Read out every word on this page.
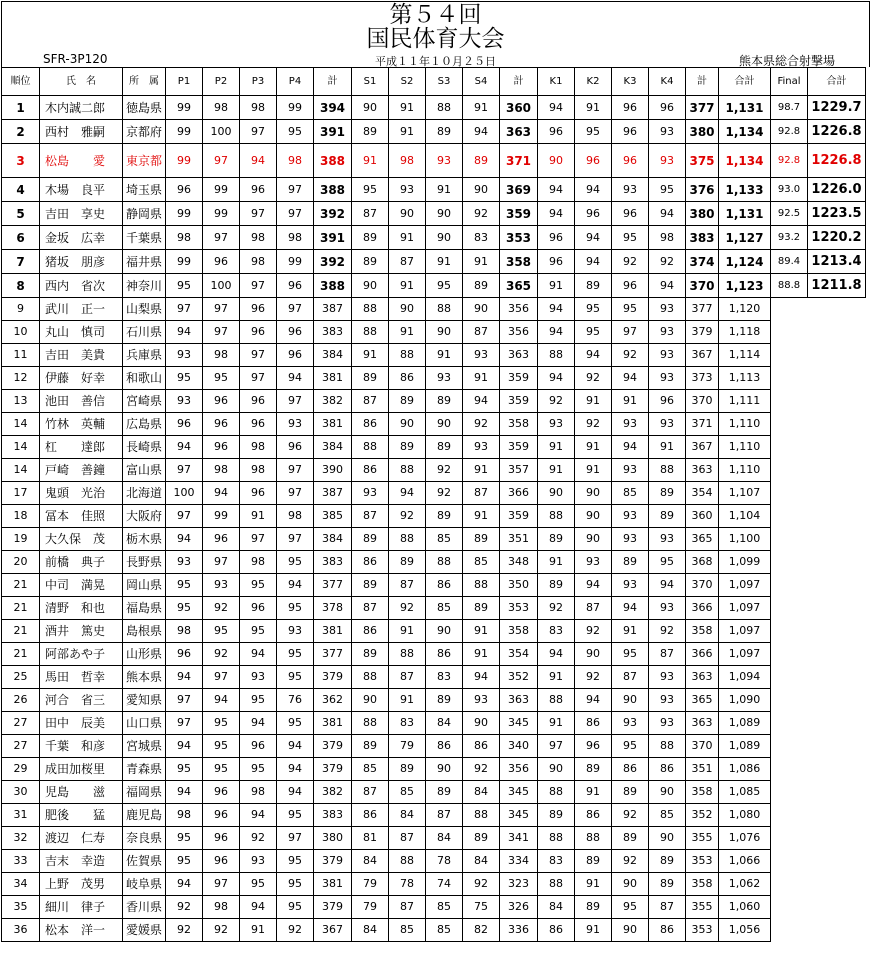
第５４回
国民体育大会
SFR-3P120	平成１１年１０月２５日	熊本県総合射撃場
順位	氏　名	所　属	P1	P2	P3	P4	計	S1	S2	S3	S4	計	K1	K2	K3	K4	計	合計	Final	合計
1	木内誠二郎	徳島県	99	98	98	99	394	90	91	88	91	360	94	91	96	96	377	1,131	98.7	1229.7
2	西村　雅嗣	京都府	99	100	97	95	391	89	91	89	94	363	96	95	96	93	380	1,134	92.8	1226.8
3	松島　　愛	東京都	99	97	94	98	388	91	98	93	89	371	90	96	96	93	375	1,134	92.8	1226.8
4	木場　良平	埼玉県	96	99	96	97	388	95	93	91	90	369	94	94	93	95	376	1,133	93.0	1226.0
5	吉田　享史	静岡県	99	99	97	97	392	87	90	90	92	359	94	96	96	94	380	1,131	92.5	1223.5
6	金坂　広幸	千葉県	98	97	98	98	391	89	91	90	83	353	96	94	95	98	383	1,127	93.2	1220.2
7	猪坂　朋彦	福井県	99	96	98	99	392	89	87	91	91	358	96	94	92	92	374	1,124	89.4	1213.4
8	西内　省次	神奈川	95	100	97	96	388	90	91	95	89	365	91	89	96	94	370	1,123	88.8	1211.8
9	武川　正一	山梨県	97	97	96	97	387	88	90	88	90	356	94	95	95	93	377	1,120		
10	丸山　慎司	石川県	94	97	96	96	383	88	91	90	87	356	94	95	97	93	379	1,118		
11	吉田　美貴	兵庫県	93	98	97	96	384	91	88	91	93	363	88	94	92	93	367	1,114		
12	伊藤　好幸	和歌山	95	95	97	94	381	89	86	93	91	359	94	92	94	93	373	1,113		
13	池田　善信	宮崎県	93	96	96	97	382	87	89	89	94	359	92	91	91	96	370	1,111		
14	竹林　英輔	広島県	96	96	96	93	381	86	90	90	92	358	93	92	93	93	371	1,110		
14	杠　　達郎	長崎県	94	96	98	96	384	88	89	89	93	359	91	91	94	91	367	1,110		
14	戸崎　善鐘	富山県	97	98	98	97	390	86	88	92	91	357	91	91	93	88	363	1,110		
17	鬼頭　光治	北海道	100	94	96	97	387	93	94	92	87	366	90	90	85	89	354	1,107		
18	冨本　佳照	大阪府	97	99	91	98	385	87	92	89	91	359	88	90	93	89	360	1,104		
19	大久保　茂	栃木県	94	96	97	97	384	89	88	85	89	351	89	90	93	93	365	1,100		
20	前橋　典子	長野県	93	97	98	95	383	86	89	88	85	348	91	93	89	95	368	1,099		
21	中司　満晃	岡山県	95	93	95	94	377	89	87	86	88	350	89	94	93	94	370	1,097		
21	清野　和也	福島県	95	92	96	95	378	87	92	85	89	353	92	87	94	93	366	1,097		
21	酒井　篤史	島根県	98	95	95	93	381	86	91	90	91	358	83	92	91	92	358	1,097		
21	阿部あや子	山形県	96	92	94	95	377	89	88	86	91	354	94	90	95	87	366	1,097		
25	馬田　哲幸	熊本県	94	97	93	95	379	88	87	83	94	352	91	92	87	93	363	1,094		
26	河合　省三	愛知県	97	94	95	76	362	90	91	89	93	363	88	94	90	93	365	1,090		
27	田中　辰美	山口県	97	95	94	95	381	88	83	84	90	345	91	86	93	93	363	1,089		
27	千葉　和彦	宮城県	94	95	96	94	379	89	79	86	86	340	97	96	95	88	370	1,089		
29	成田加桜里	青森県	95	95	95	94	379	85	89	90	92	356	90	89	86	86	351	1,086		
30	児島　　滋	福岡県	94	96	98	94	382	87	85	89	84	345	88	91	89	90	358	1,085		
31	肥後　　猛	鹿児島	98	96	94	95	383	86	84	87	88	345	89	86	92	85	352	1,080		
32	渡辺　仁寿	奈良県	95	96	92	97	380	81	87	84	89	341	88	88	89	90	355	1,076		
33	吉末　幸造	佐賀県	95	96	93	95	379	84	88	78	84	334	83	89	92	89	353	1,066		
34	上野　茂男	岐阜県	94	97	95	95	381	79	78	74	92	323	88	91	90	89	358	1,062		
35	細川　律子	香川県	92	98	94	95	379	79	87	85	75	326	84	89	95	87	355	1,060		
36	松本　洋一	愛媛県	92	92	91	92	367	84	85	85	82	336	86	91	90	86	353	1,056		
